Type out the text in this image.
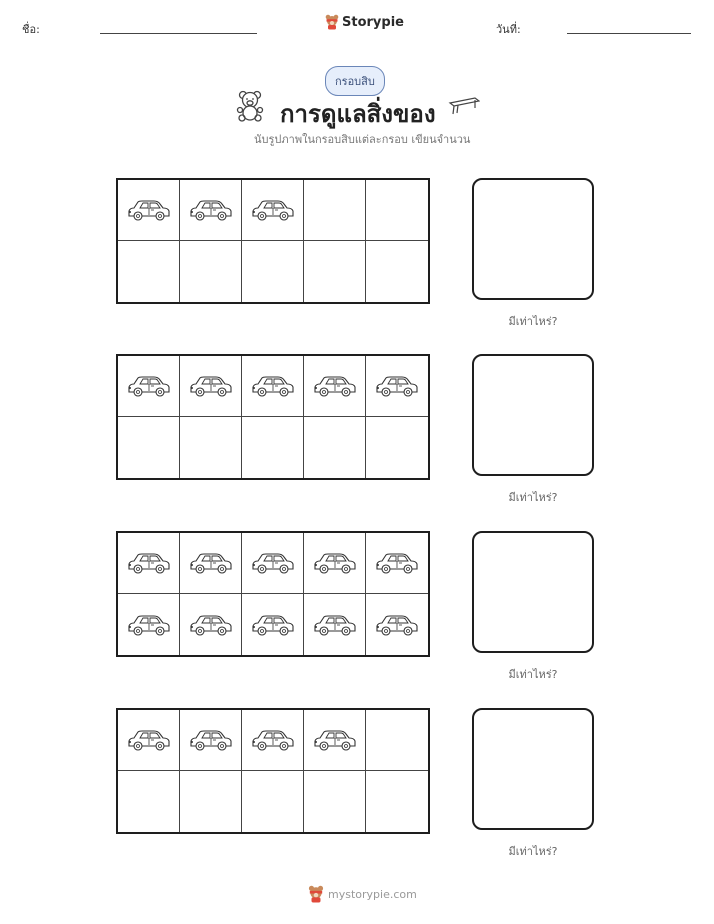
ชื่อ:	Storypie	วันที่:
กรอบสิบ
การดูแลสิ่งของ
นับรูปภาพในกรอบสิบแต่ละกรอบ เขียนจำนวน
มีเท่าไหร่?
มีเท่าไหร่?
มีเท่าไหร่?
มีเท่าไหร่?
mystorypie.com
